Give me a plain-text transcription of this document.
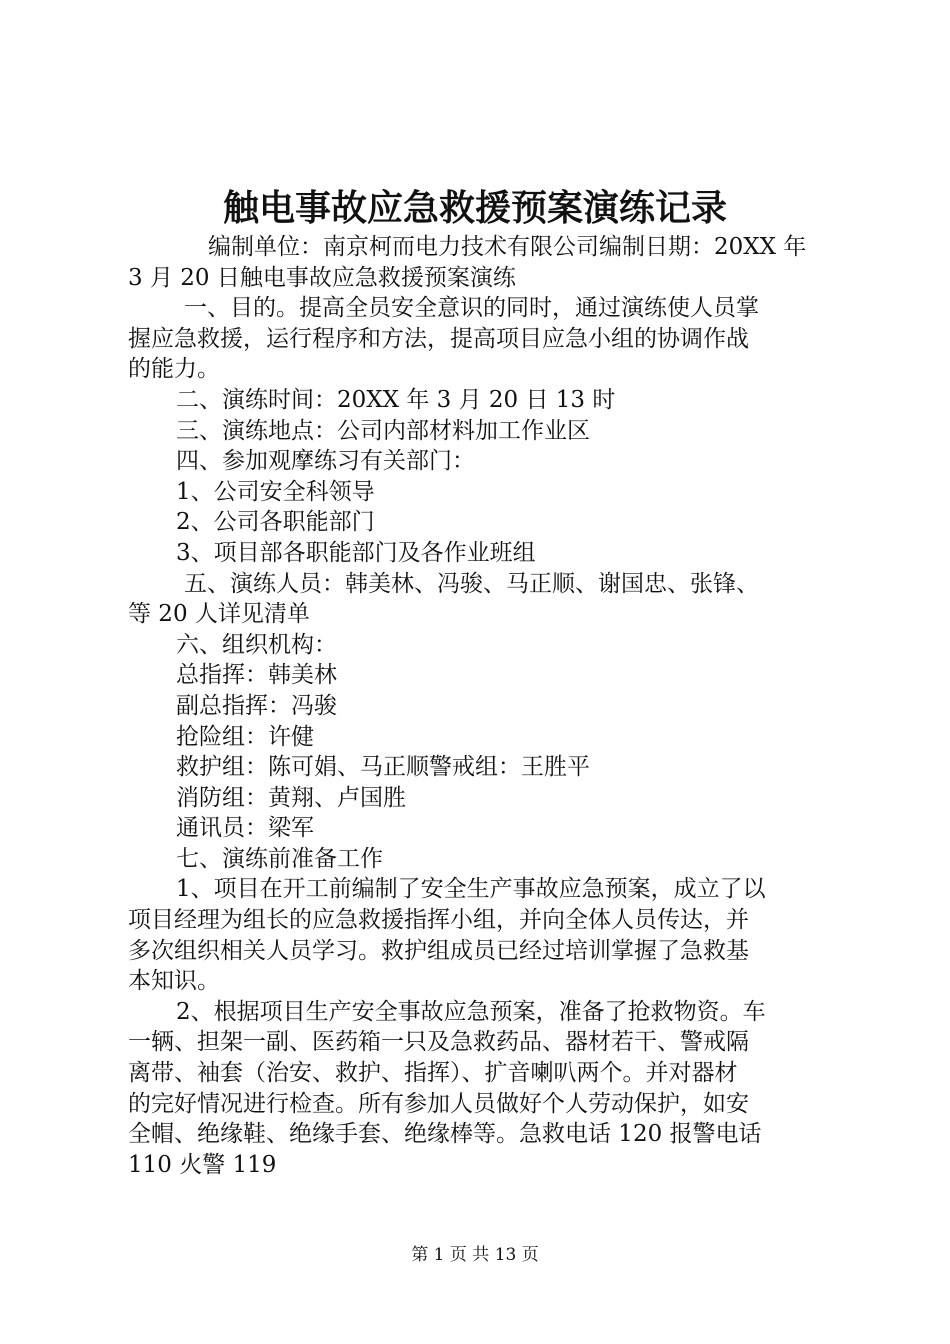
触电事故应急救援预案演练记录
编制单位：南京柯而电力技术有限公司编制日期：20XX 年
3 月 20 日触电事故应急救援预案演练
一、目的。提高全员安全意识的同时，通过演练使人员掌
握应急救援，运行程序和方法，提高项目应急小组的协调作战
的能力。
二、演练时间：20XX 年 3 月 20 日 13 时
三、演练地点：公司内部材料加工作业区
四、参加观摩练习有关部门：
1、公司安全科领导
2、公司各职能部门
3、项目部各职能部门及各作业班组
五、演练人员：韩美林、冯骏、马正顺、谢国忠、张锋、
等 20 人详见清单
六、组织机构：
总指挥：韩美林
副总指挥：冯骏
抢险组：许健
救护组：陈可娟、马正顺警戒组：王胜平
消防组：黄翔、卢国胜
通讯员：梁军
七、演练前准备工作
1、项目在开工前编制了安全生产事故应急预案，成立了以
项目经理为组长的应急救援指挥小组，并向全体人员传达，并
多次组织相关人员学习。救护组成员已经过培训掌握了急救基
本知识。
2、根据项目生产安全事故应急预案，准备了抢救物资。车
一辆、担架一副、医药箱一只及急救药品、器材若干、警戒隔
离带、袖套（治安、救护、指挥）、扩音喇叭两个。并对器材
的完好情况进行检查。所有参加人员做好个人劳动保护，如安
全帽、绝缘鞋、绝缘手套、绝缘棒等。急救电话 120 报警电话
110 火警 119
第 1 页 共 13 页
